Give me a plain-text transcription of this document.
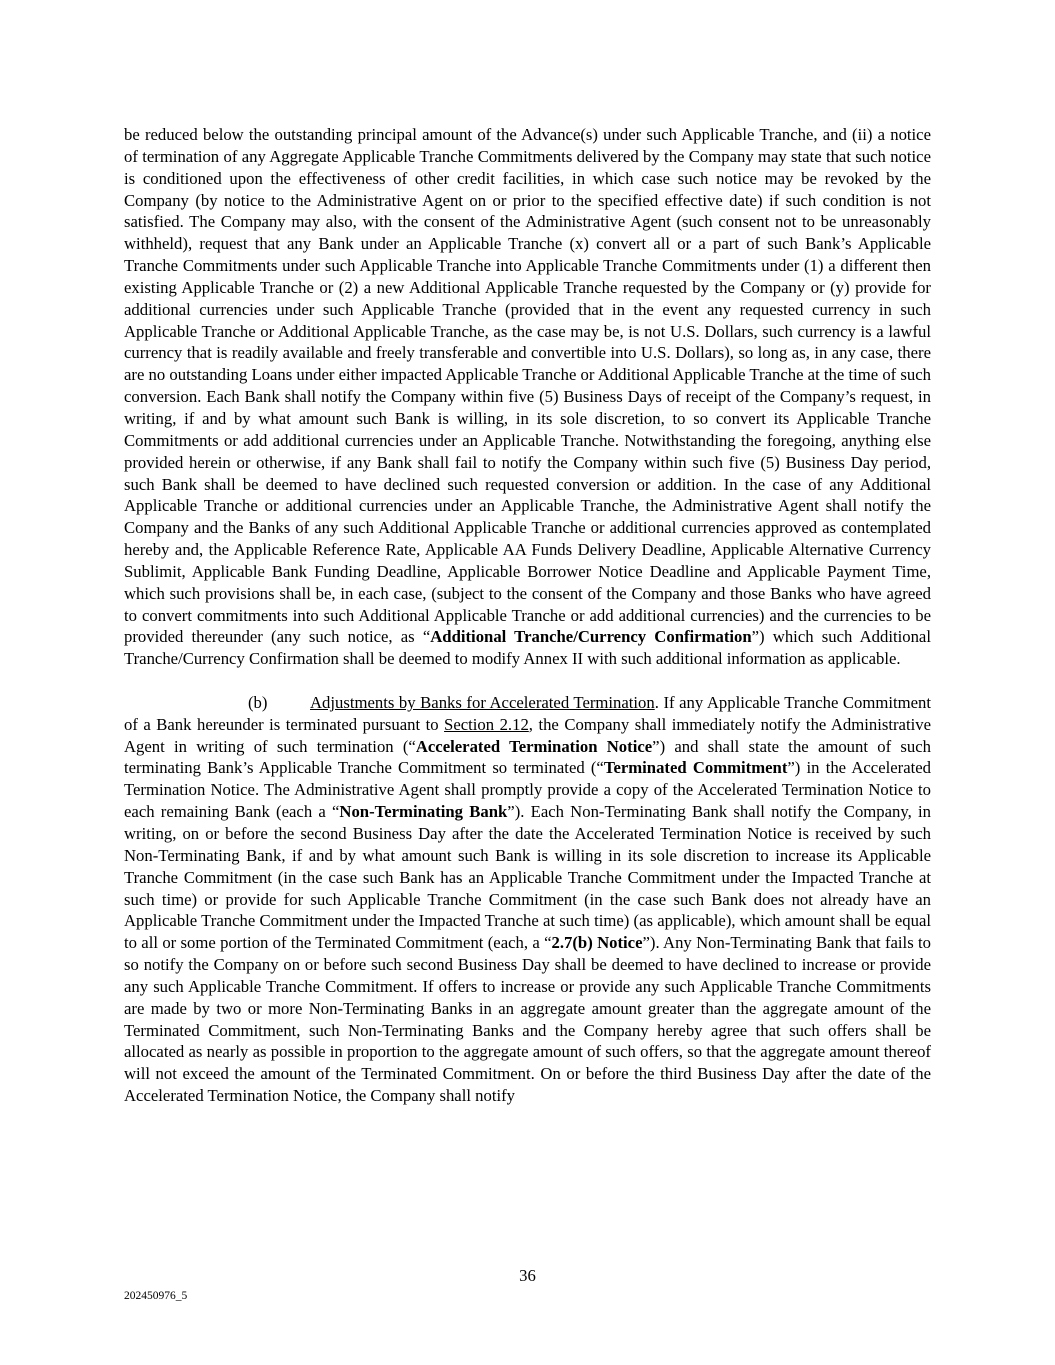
be reduced below the outstanding principal amount of the Advance(s) under such Applicable Tranche, and (ii) a notice of termination of any Aggregate Applicable Tranche Commitments delivered by the Company may state that such notice is conditioned upon the effectiveness of other credit facilities, in which case such notice may be revoked by the Company (by notice to the Administrative Agent on or prior to the specified effective date) if such condition is not satisfied. The Company may also, with the consent of the Administrative Agent (such consent not to be unreasonably withheld), request that any Bank under an Applicable Tranche (x) convert all or a part of such Bank’s Applicable Tranche Commitments under such Applicable Tranche into Applicable Tranche Commitments under (1) a different then existing Applicable Tranche or (2) a new Additional Applicable Tranche requested by the Company or (y) provide for additional currencies under such Applicable Tranche (provided that in the event any requested currency in such Applicable Tranche or Additional Applicable Tranche, as the case may be, is not U.S. Dollars, such currency is a lawful currency that is readily available and freely transferable and convertible into U.S. Dollars), so long as, in any case, there are no outstanding Loans under either impacted Applicable Tranche or Additional Applicable Tranche at the time of such conversion. Each Bank shall notify the Company within five (5) Business Days of receipt of the Company’s request, in writing, if and by what amount such Bank is willing, in its sole discretion, to so convert its Applicable Tranche Commitments or add additional currencies under an Applicable Tranche. Notwithstanding the foregoing, anything else provided herein or otherwise, if any Bank shall fail to notify the Company within such five (5) Business Day period, such Bank shall be deemed to have declined such requested conversion or addition. In the case of any Additional Applicable Tranche or additional currencies under an Applicable Tranche, the Administrative Agent shall notify the Company and the Banks of any such Additional Applicable Tranche or additional currencies approved as contemplated hereby and, the Applicable Reference Rate, Applicable AA Funds Delivery Deadline, Applicable Alternative Currency Sublimit, Applicable Bank Funding Deadline, Applicable Borrower Notice Deadline and Applicable Payment Time, which such provisions shall be, in each case, (subject to the consent of the Company and those Banks who have agreed to convert commitments into such Additional Applicable Tranche or add additional currencies) and the currencies to be provided thereunder (any such notice, as “Additional Tranche/Currency Confirmation”) which such Additional Tranche/Currency Confirmation shall be deemed to modify Annex II with such additional information as applicable.

(b)	Adjustments by Banks for Accelerated Termination. If any Applicable Tranche Commitment of a Bank hereunder is terminated pursuant to Section 2.12, the Company shall immediately notify the Administrative Agent in writing of such termination (“Accelerated Termination Notice”) and shall state the amount of such terminating Bank’s Applicable Tranche Commitment so terminated (“Terminated Commitment”) in the Accelerated Termination Notice. The Administrative Agent shall promptly provide a copy of the Accelerated Termination Notice to each remaining Bank (each a “Non-Terminating Bank”). Each Non-Terminating Bank shall notify the Company, in writing, on or before the second Business Day after the date the Accelerated Termination Notice is received by such Non-Terminating Bank, if and by what amount such Bank is willing in its sole discretion to increase its Applicable Tranche Commitment (in the case such Bank has an Applicable Tranche Commitment under the Impacted Tranche at such time) or provide for such Applicable Tranche Commitment (in the case such Bank does not already have an Applicable Tranche Commitment under the Impacted Tranche at such time) (as applicable), which amount shall be equal to all or some portion of the Terminated Commitment (each, a “2.7(b) Notice”). Any Non-Terminating Bank that fails to so notify the Company on or before such second Business Day shall be deemed to have declined to increase or provide any such Applicable Tranche Commitment. If offers to increase or provide any such Applicable Tranche Commitments are made by two or more Non-Terminating Banks in an aggregate amount greater than the aggregate amount of the Terminated Commitment, such Non-Terminating Banks and the Company hereby agree that such offers shall be allocated as nearly as possible in proportion to the aggregate amount of such offers, so that the aggregate amount thereof will not exceed the amount of the Terminated Commitment. On or before the third Business Day after the date of the Accelerated Termination Notice, the Company shall notify

36
202450976_5
